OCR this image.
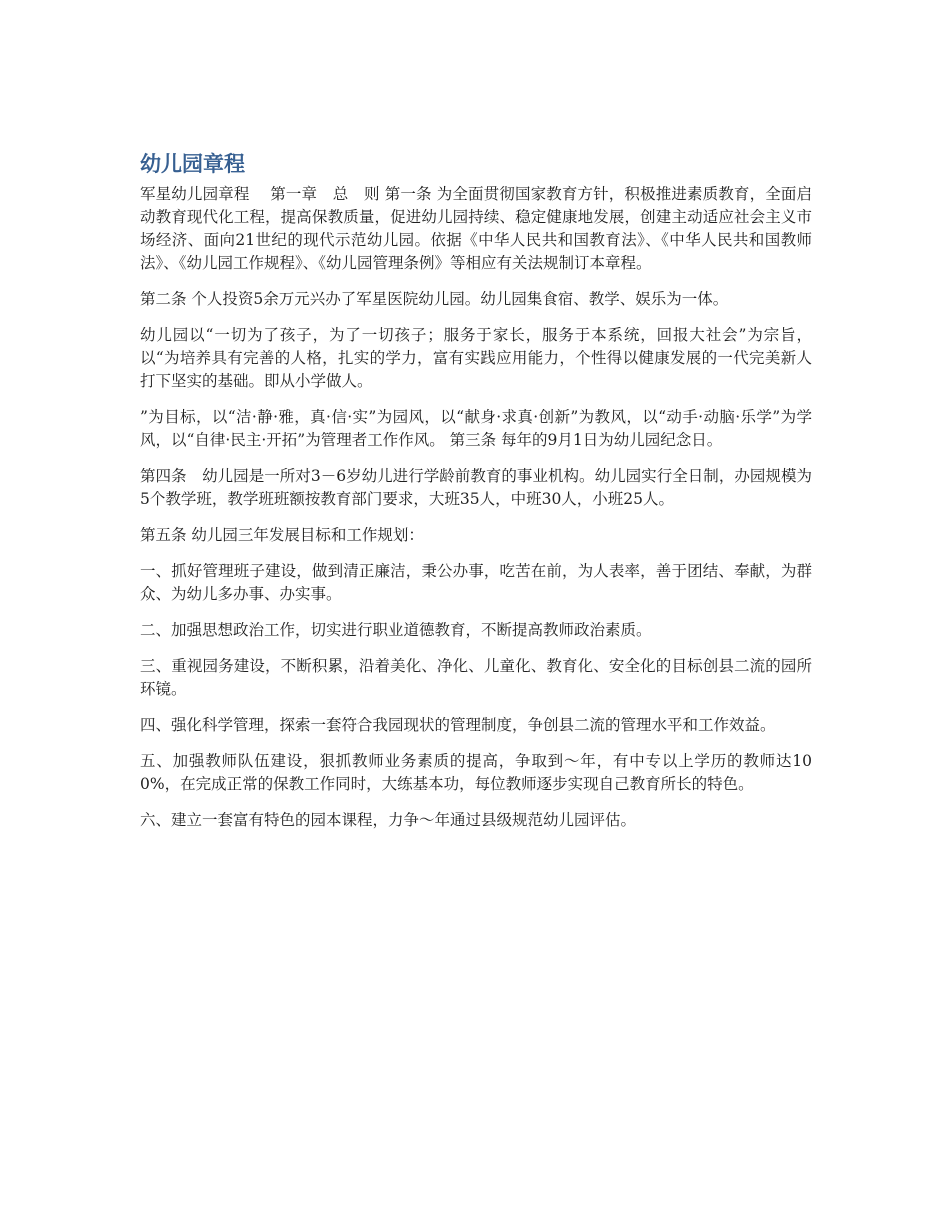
幼儿园章程

军星幼儿园章程　 第一章　总　则 第一条 为全面贯彻国家教育方针，积极推进素质教育，全面启动教育现代化工程，提高保教质量，促进幼儿园持续、稳定健康地发展，创建主动适应社会主义市场经济、面向21世纪的现代示范幼儿园。依据《中华人民共和国教育法》、《中华人民共和国教师法》、《幼儿园工作规程》、《幼儿园管理条例》等相应有关法规制订本章程。

第二条 个人投资5余万元兴办了军星医院幼儿园。幼儿园集食宿、教学、娱乐为一体。

幼儿园以“一切为了孩子，为了一切孩子；服务于家长，服务于本系统，回报大社会”为宗旨，以“为培养具有完善的人格，扎实的学力，富有实践应用能力，个性得以健康发展的一代完美新人打下坚实的基础。即从小学做人。

”为目标，以“洁·静·雅，真·信·实”为园风，以“献身·求真·创新”为教风，以“动手·动脑·乐学”为学风，以“自律·民主·开拓”为管理者工作作风。 第三条 每年的9月1日为幼儿园纪念日。

第四条　幼儿园是一所对3－6岁幼儿进行学龄前教育的事业机构。幼儿园实行全日制，办园规模为5个教学班，教学班班额按教育部门要求，大班35人，中班30人，小班25人。

第五条 幼儿园三年发展目标和工作规划：

一、抓好管理班子建设，做到清正廉洁，秉公办事，吃苦在前，为人表率，善于团结、奉献，为群众、为幼儿多办事、办实事。

二、加强思想政治工作，切实进行职业道德教育，不断提高教师政治素质。

三、重视园务建设，不断积累，沿着美化、净化、儿童化、教育化、安全化的目标创县二流的园所环镜。

四、强化科学管理，探索一套符合我园现状的管理制度，争创县二流的管理水平和工作效益。

五、加强教师队伍建设，狠抓教师业务素质的提高，争取到～年，有中专以上学历的教师达100%，在完成正常的保教工作同时，大练基本功，每位教师逐步实现自己教育所长的特色。

六、建立一套富有特色的园本课程，力争～年通过县级规范幼儿园评估。
